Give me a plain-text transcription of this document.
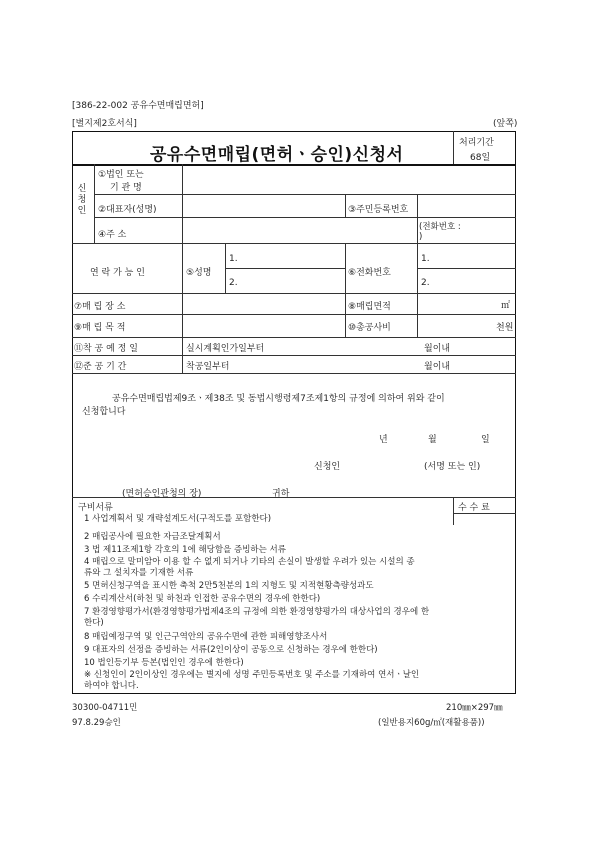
[386-22-002 공유수면매립면허]
[별지제2호서식]	(앞쪽)
공유수면매립(면허ㆍ승인)신청서
처리기간
68일
신 청 인
①법인 또는
기 관 명
②대표자(성명)	③주민등록번호
④주 소
(전화번호 :
)
연 락 가 능 인	⑤성명
1.
2.
⑥전화번호
1.
2.
⑦매 립 장 소	⑧매립면적	㎡
⑨매 립 목 적	⑩총공사비	천원
⑪착 공 예 정 일	실시계획인가일부터	월이내
⑫준 공 기 간	착공일부터	월이내
공유수면매립법제9조ㆍ제38조 및 동법시행령제7조제1항의 규정에 의하여 위와 같이
신청합니다
년	월	일
신청인	(서명 또는 인)
(면허승인관청의 장)	귀하
구비서류	수 수 료
1 사업계획서 및 개략설계도서(구적도를 포함한다)
2 매립공사에 필요한 자금조달계획서
3 법 제11조제1항 각호의 1에 해당함을 증빙하는 서류
4 매립으로 말미암아 이용 할 수 없게 되거나 기타의 손실이 발생할 우려가 있는 시설의 종
류와 그 설치자를 기재한 서류
5 면허신청구역을 표시한 축척 2만5천분의 1의 지형도 및 지적현황측량성과도
6 수리계산서(하천 및 하천과 인접한 공유수면의 경우에 한한다)
7 환경영향평가서(환경영향평가법제4조의 규정에 의한 환경영향평가의 대상사업의 경우에 한
한다)
8 매립예정구역 및 인근구역안의 공유수면에 관한 피해영향조사서
9 대표자의 선정을 증빙하는 서류(2인이상이 공동으로 신청하는 경우에 한한다)
10 법인등기부 등본(법인인 경우에 한한다)
※ 신청인이 2인이상인 경우에는 별지에 성명 주민등록번호 및 주소를 기재하여 연서ㆍ날인
하여야 합니다.
30300-04711민
97.8.29승인
210㎜×297㎜
(일반용지60g/㎡(재활용품))
